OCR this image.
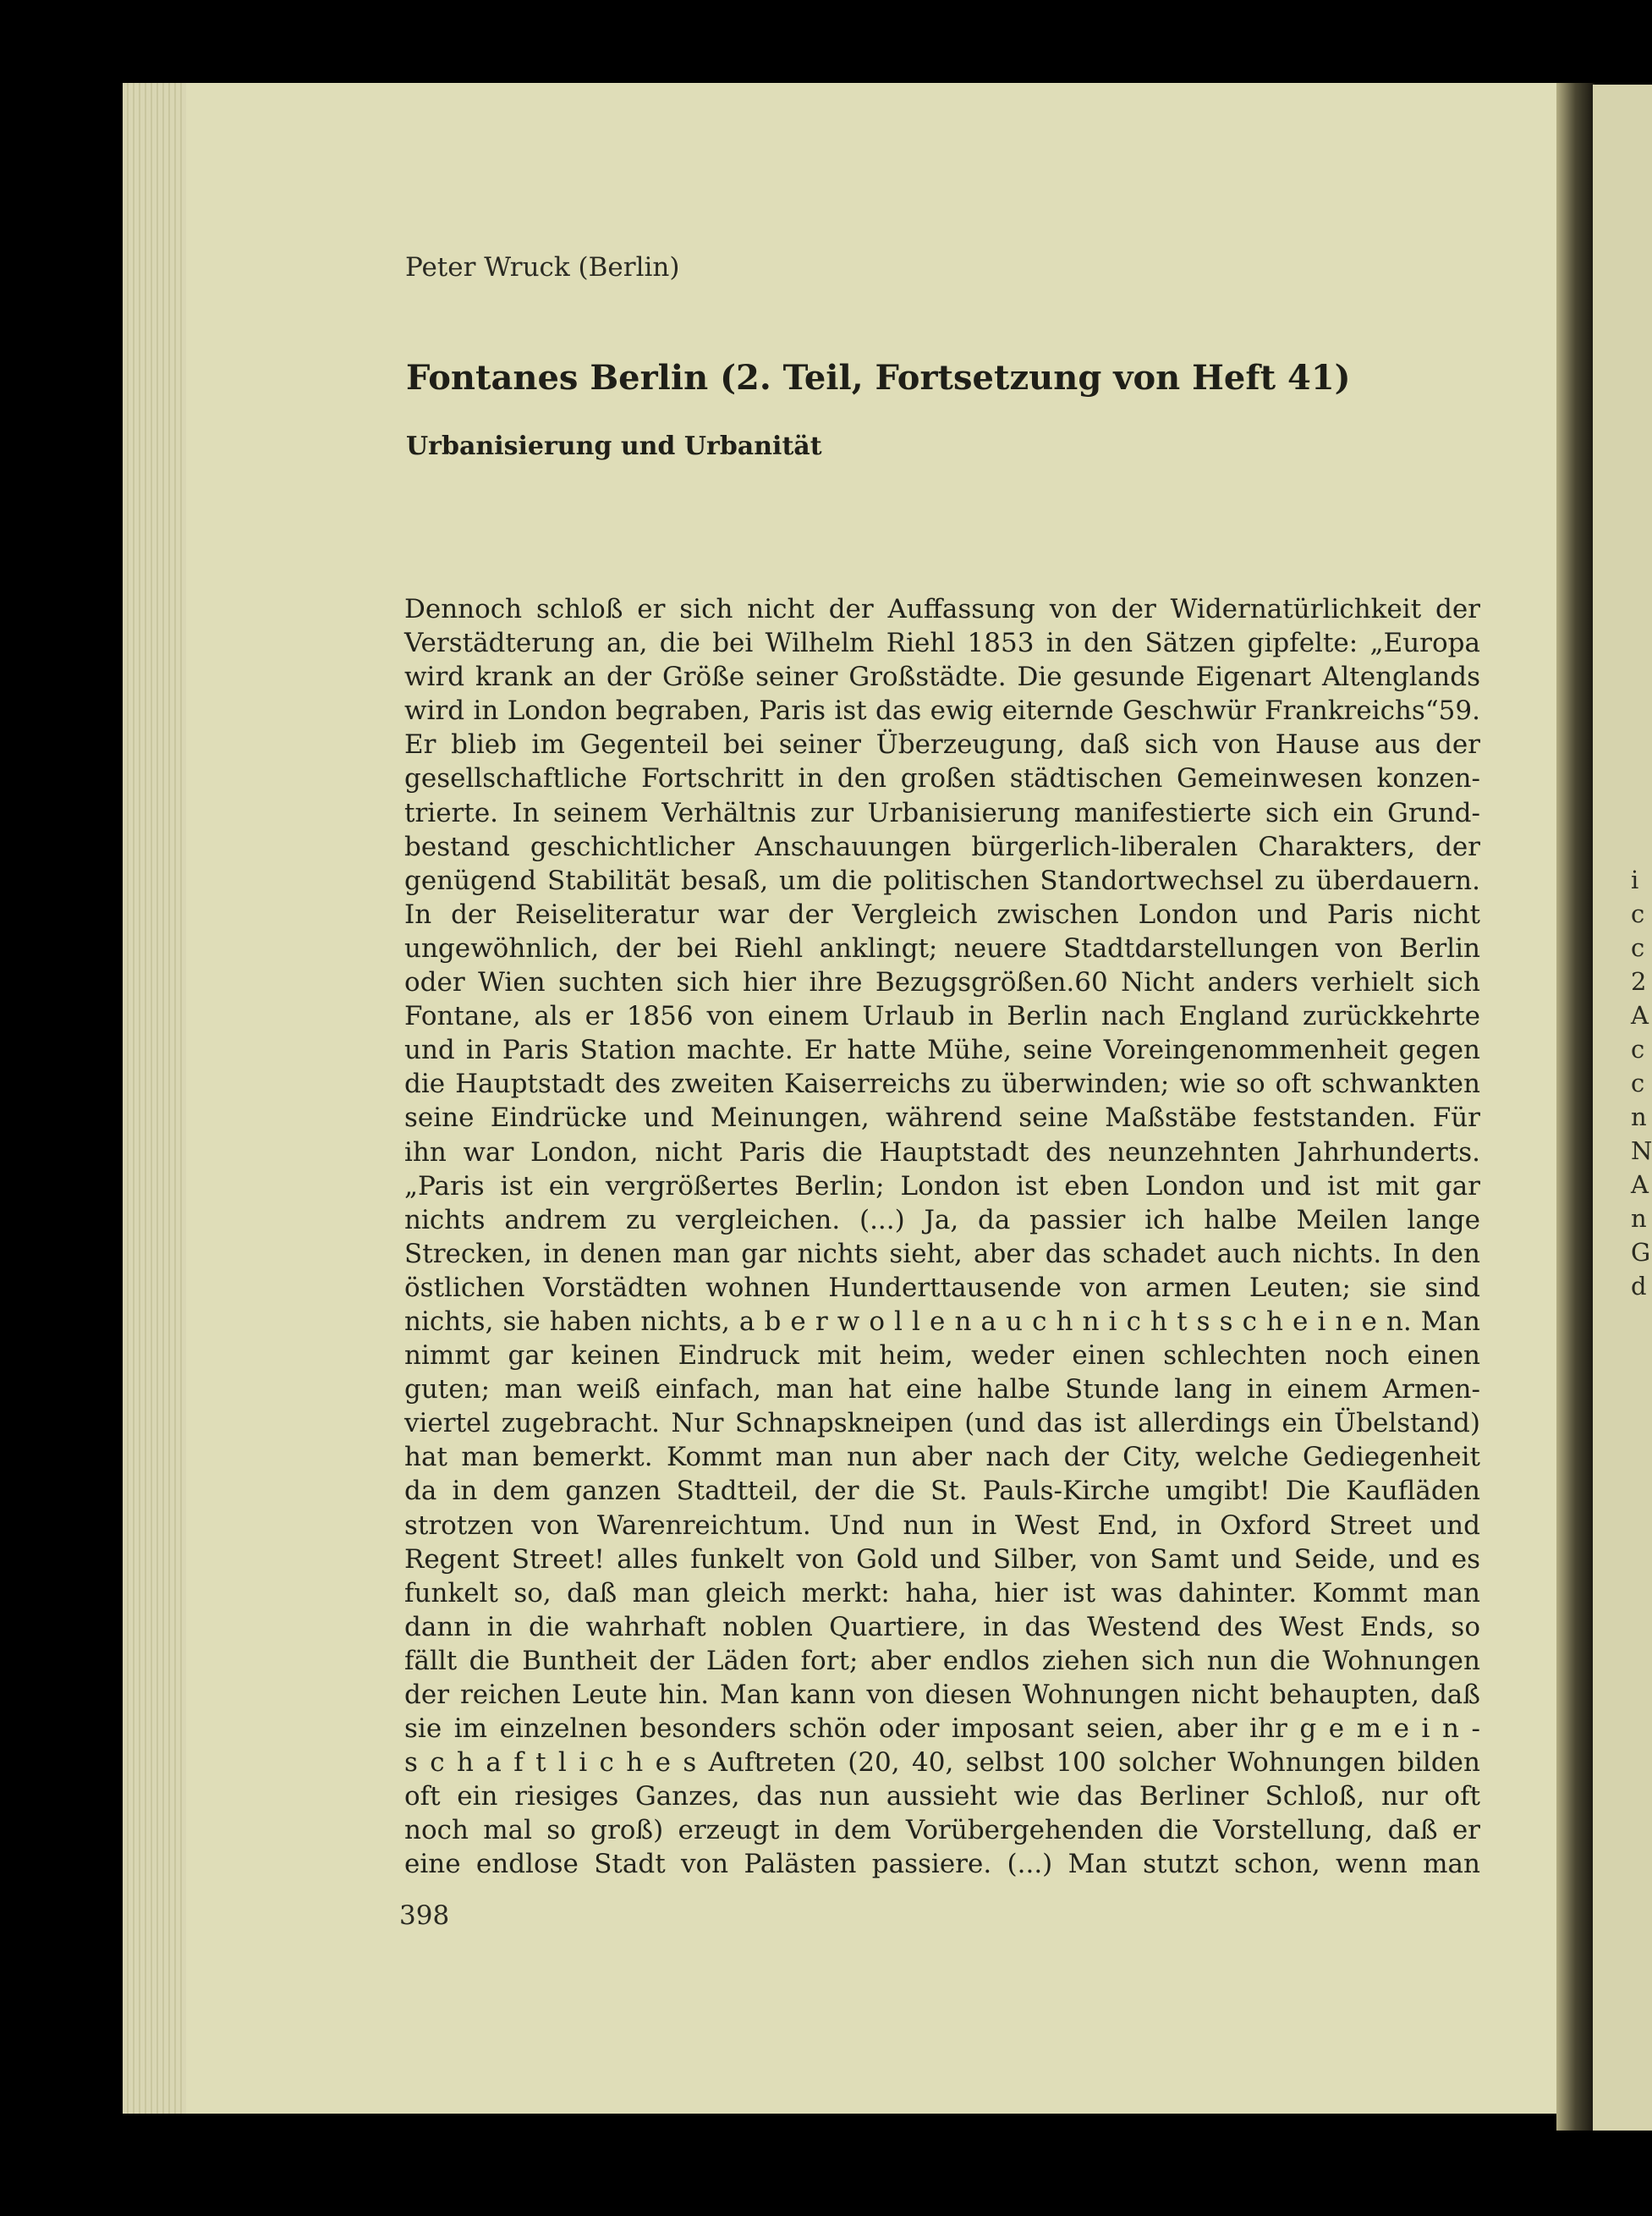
i
c
c
2
A
c
c
n
N
A
n
G
d
Peter Wruck (Berlin)
Fontanes Berlin (2. Teil, Fortsetzung von Heft 41)
Urbanisierung und Urbanität
Dennoch schloß er sich nicht der Auffassung von der Widernatürlichkeit der
Verstädterung an, die bei Wilhelm Riehl 1853 in den Sätzen gipfelte: „Europa
wird krank an der Größe seiner Großstädte. Die gesunde Eigenart Altenglands
wird in London begraben, Paris ist das ewig eiternde Geschwür Frankreichs“59.
Er blieb im Gegenteil bei seiner Überzeugung, daß sich von Hause aus der
gesellschaftliche Fortschritt in den großen städtischen Gemeinwesen konzen-
trierte. In seinem Verhältnis zur Urbanisierung manifestierte sich ein Grund-
bestand geschichtlicher Anschauungen bürgerlich-liberalen Charakters, der
genügend Stabilität besaß, um die politischen Standortwechsel zu überdauern.
In der Reiseliteratur war der Vergleich zwischen London und Paris nicht
ungewöhnlich, der bei Riehl anklingt; neuere Stadtdarstellungen von Berlin
oder Wien suchten sich hier ihre Bezugsgrößen.60 Nicht anders verhielt sich
Fontane, als er 1856 von einem Urlaub in Berlin nach England zurückkehrte
und in Paris Station machte. Er hatte Mühe, seine Voreingenommenheit gegen
die Hauptstadt des zweiten Kaiserreichs zu überwinden; wie so oft schwankten
seine Eindrücke und Meinungen, während seine Maßstäbe feststanden. Für
ihn war London, nicht Paris die Hauptstadt des neunzehnten Jahrhunderts.
„Paris ist ein vergrößertes Berlin; London ist eben London und ist mit gar
nichts andrem zu vergleichen. (...) Ja, da passier ich halbe Meilen lange
Strecken, in denen man gar nichts sieht, aber das schadet auch nichts. In den
östlichen Vorstädten wohnen Hunderttausende von armen Leuten; sie sind
nichts, sie haben nichts, a b e r w o l l e n a u c h n i c h t s s c h e i n e n. Man
nimmt gar keinen Eindruck mit heim, weder einen schlechten noch einen
guten; man weiß einfach, man hat eine halbe Stunde lang in einem Armen-
viertel zugebracht. Nur Schnapskneipen (und das ist allerdings ein Übelstand)
hat man bemerkt. Kommt man nun aber nach der City, welche Gediegenheit
da in dem ganzen Stadtteil, der die St. Pauls-Kirche umgibt! Die Kaufläden
strotzen von Warenreichtum. Und nun in West End, in Oxford Street und
Regent Street! alles funkelt von Gold und Silber, von Samt und Seide, und es
funkelt so, daß man gleich merkt: haha, hier ist was dahinter. Kommt man
dann in die wahrhaft noblen Quartiere, in das Westend des West Ends, so
fällt die Buntheit der Läden fort; aber endlos ziehen sich nun die Wohnungen
der reichen Leute hin. Man kann von diesen Wohnungen nicht behaupten, daß
sie im einzelnen besonders schön oder imposant seien, aber ihr g e m e i n -
s c h a f t l i c h e s Auftreten (20, 40, selbst 100 solcher Wohnungen bilden
oft ein riesiges Ganzes, das nun aussieht wie das Berliner Schloß, nur oft
noch mal so groß) erzeugt in dem Vorübergehenden die Vorstellung, daß er
eine endlose Stadt von Palästen passiere. (...) Man stutzt schon, wenn man
398
